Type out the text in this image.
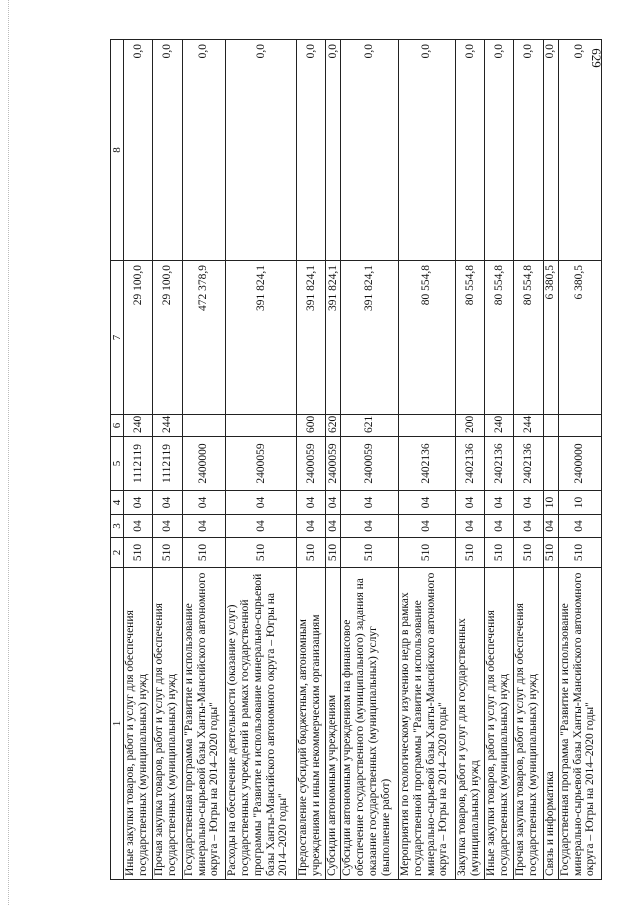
629
1	2	3	4	5	6	7	8
Иные закупки товаров, работ и услуг для обеспечения государственных (муниципальных) нужд	510	04	04	1112119	240	29 100,0	0,0
Прочая закупка товаров, работ и услуг для обеспечения государственных (муниципальных) нужд	510	04	04	1112119	244	29 100,0	0,0
Государственная программа "Развитие и использование минерально-сырьевой базы Ханты-Мансийского автономного округа – Югры на 2014–2020 годы"	510	04	04	2400000		472 378,9	0,0
Расходы на обеспечение деятельности (оказание услуг) государственных учреждений в рамках государственной программы "Развитие и использование минерально-сырьевой базы Ханты-Мансийского автономного округа – Югры на 2014–2020 годы"	510	04	04	2400059		391 824,1	0,0
Предоставление субсидий бюджетным, автономным учреждениям и иным некоммерческим организациям	510	04	04	2400059	600	391 824,1	0,0
Субсидии автономным учреждениям	510	04	04	2400059	620	391 824,1	0,0
Субсидии автономным учреждениям на финансовое обеспечение государственного (муниципального) задания на оказание государственных (муниципальных) услуг (выполнение работ)	510	04	04	2400059	621	391 824,1	0,0
Мероприятия по геологическому изучению недр в рамках государственной программы "Развитие и использование минерально-сырьевой базы Ханты-Мансийского автономного округа – Югры на 2014–2020 годы"	510	04	04	2402136		80 554,8	0,0
Закупка товаров, работ и услуг для государственных (муниципальных) нужд	510	04	04	2402136	200	80 554,8	0,0
Иные закупки товаров, работ и услуг для обеспечения государственных (муниципальных) нужд	510	04	04	2402136	240	80 554,8	0,0
Прочая закупка товаров, работ и услуг для обеспечения государственных (муниципальных) нужд	510	04	04	2402136	244	80 554,8	0,0
Связь и информатика	510	04	10			6 380,5	0,0
Государственная программа "Развитие и использование минерально-сырьевой базы Ханты-Мансийского автономного округа – Югры на 2014–2020 годы"	510	04	10	2400000		6 380,5	0,0
